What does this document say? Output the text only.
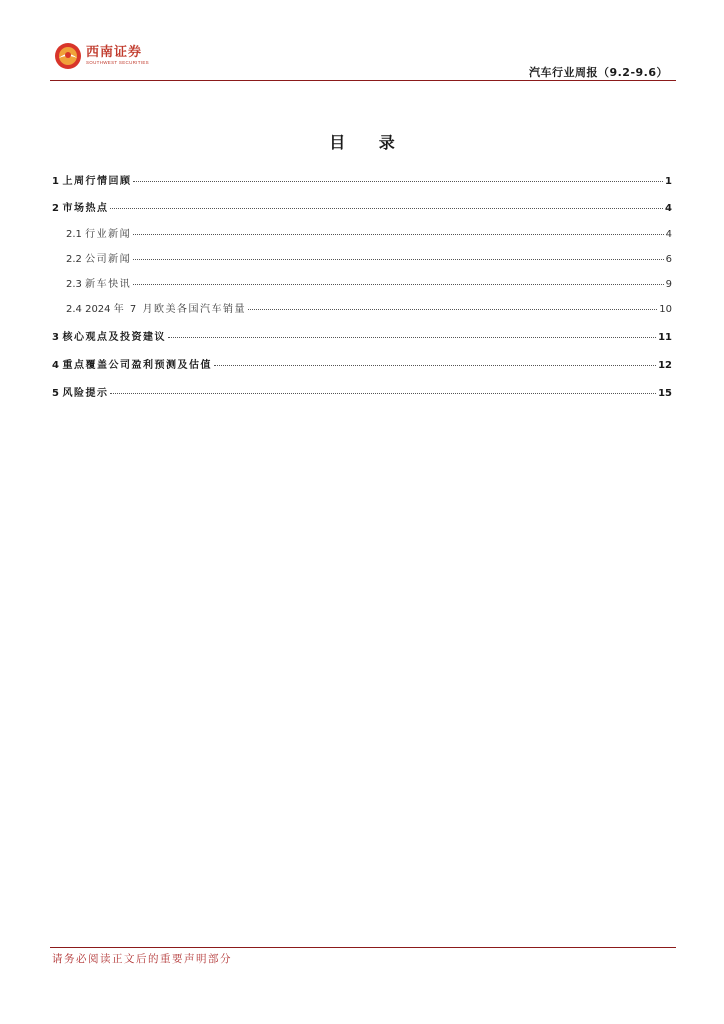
西南证券
SOUTHWEST SECURITIES
汽车行业周报（9.2-9.6）
目 录
1 上周行情回顾	1
2 市场热点	4
2.1 行业新闻	4
2.2 公司新闻	6
2.3 新车快讯	9
2.4 2024 年 7 月欧美各国汽车销量	10
3 核心观点及投资建议	11
4 重点覆盖公司盈利预测及估值	12
5 风险提示	15
请务必阅读正文后的重要声明部分
